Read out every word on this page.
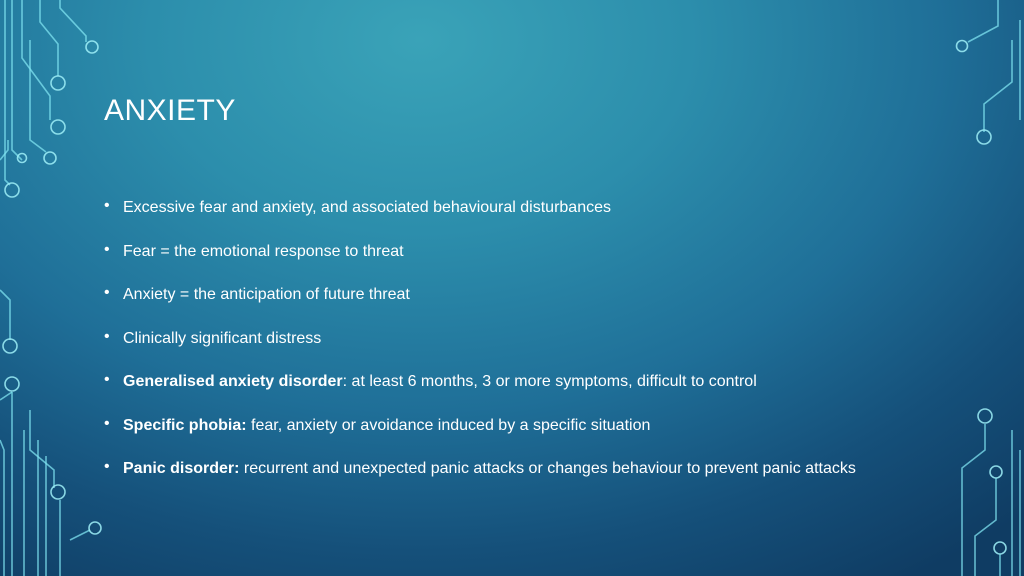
ANXIETY
• Excessive fear and anxiety, and associated behavioural disturbances
• Fear = the emotional response to threat
• Anxiety = the anticipation of future threat
• Clinically significant distress
• Generalised anxiety disorder: at least 6 months, 3 or more symptoms, difficult to control
• Specific phobia: fear, anxiety or avoidance induced by a specific situation
• Panic disorder: recurrent and unexpected panic attacks or changes behaviour to prevent panic attacks
